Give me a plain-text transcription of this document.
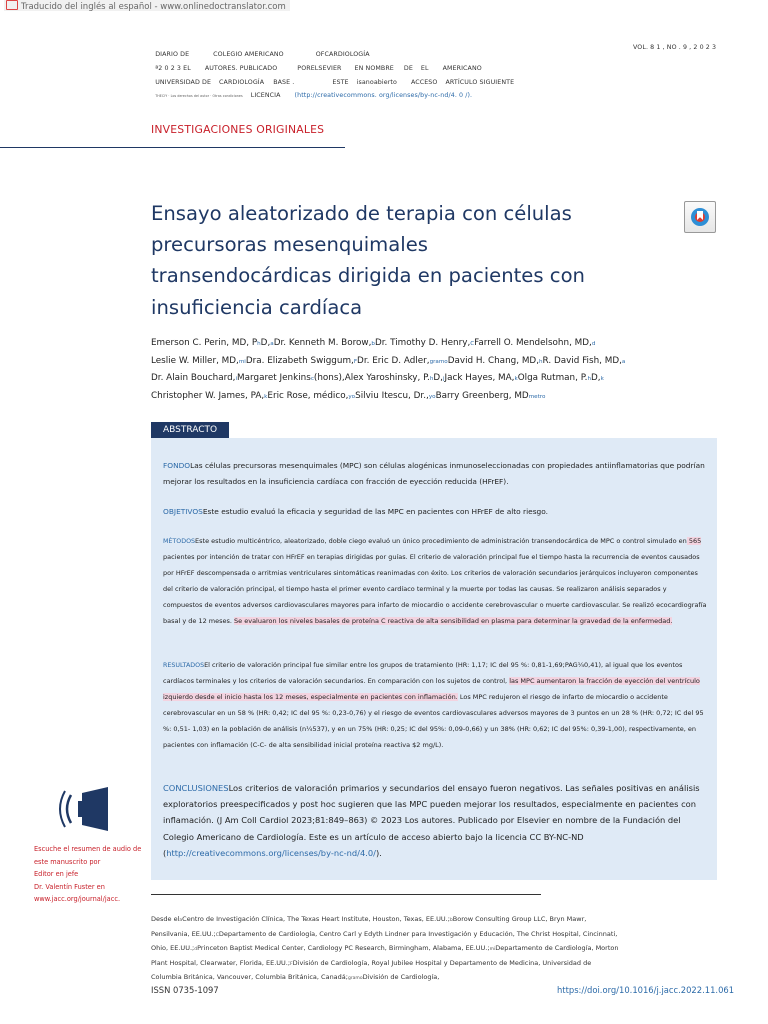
Traducido del inglés al español - www.onlinedoctranslator.com

DIARIO DE	COLEGIO AMERICANO	OFCARDIOLOGÍA

VOL. 8 1 , NO . 9 , 2 0 2 3

ª2 0 2 3 EL AUTORES. PUBLICADO	PORELSEVIER EN NOMBRE DE EL AMERICANO

UNIVERSIDAD DE CARDIOLOGÍA BASE .	ESTE isanoabierto ACCESO ARTÍCULO SIGUIENTE

THECIY · Los derechos del autor · Otras condiciones LICENCIA (http://creativecommons. org/licenses/by-nc-nd/4. 0 /).

INVESTIGACIONES ORIGINALES
Ensayo aleatorizado de terapia con células precursoras mesenquimales transendocárdicas dirigida en pacientes con insuficiencia cardíaca
Emerson C. Perin, MD, PhD,aDr. Kenneth M. Borow,bDr. Timothy D. Henry,CFarrell O. Mendelsohn, MD,d
Leslie W. Miller, MD,miDra. Elizabeth Swiggum,FDr. Eric D. Adler,gramoDavid H. Chang, MD,hR. David Fish, MD,a
Dr. Alain Bouchard,iMargaret Jenkinsc(hons),Alex Yaroshinsky, P.hD,jJack Hayes, MA,kOlga Rutman, P.hD,k
Christopher W. James, PA,kEric Rose, médico,yoSilviu Itescu, Dr.,yoBarry Greenberg, MDmetro
ABSTRACTO
FONDOLas células precursoras mesenquimales (MPC) son células alogénicas inmunoseleccionadas con propiedades antiinflamatorias que podrían mejorar los resultados en la insuficiencia cardíaca con fracción de eyección reducida (HFrEF).
OBJETIVOSEste estudio evaluó la eficacia y seguridad de las MPC en pacientes con HFrEF de alto riesgo.
MÉTODOSEste estudio multicéntrico, aleatorizado, doble ciego evaluó un único procedimiento de administración transendocárdica de MPC o control simulado en 565 pacientes por intención de tratar con HFrEF en terapias dirigidas por guías. El criterio de valoración principal fue el tiempo hasta la recurrencia de eventos causados por HFrEF descompensada o arritmias ventriculares sintomáticas reanimadas con éxito. Los criterios de valoración secundarios jerárquicos incluyeron componentes del criterio de valoración principal, el tiempo hasta el primer evento cardíaco terminal y la muerte por todas las causas. Se realizaron análisis separados y compuestos de eventos adversos cardiovasculares mayores para infarto de miocardio o accidente cerebrovascular o muerte cardiovascular. Se realizó ecocardiografía basal y de 12 meses. Se evaluaron los niveles basales de proteína C reactiva de alta sensibilidad en plasma para determinar la gravedad de la enfermedad.
RESULTADOSEl criterio de valoración principal fue similar entre los grupos de tratamiento (HR: 1,17; IC del 95 %: 0,81-1,69;PAG¼0,41), al igual que los eventos cardíacos terminales y los criterios de valoración secundarios. En comparación con los sujetos de control, las MPC aumentaron la fracción de eyección del ventrículo izquierdo desde el inicio hasta los 12 meses, especialmente en pacientes con inflamación. Los MPC redujeron el riesgo de infarto de miocardio o accidente cerebrovascular en un 58 % (HR: 0,42; IC del 95 %: 0,23-0,76) y el riesgo de eventos cardiovasculares adversos mayores de 3 puntos en un 28 % (HR: 0,72; IC del 95 %: 0,51- 1,03) en la población de análisis (n¼537), y en un 75% (HR: 0,25; IC del 95%: 0,09-0,66) y un 38% (HR: 0,62; IC del 95%: 0,39-1,00), respectivamente, en pacientes con inflamación (C-C- de alta sensibilidad inicial proteína reactiva $2 mg/L).
CONCLUSIONESLos criterios de valoración primarios y secundarios del ensayo fueron negativos. Las señales positivas en análisis exploratorios preespecificados y post hoc sugieren que las MPC pueden mejorar los resultados, especialmente en pacientes con inflamación. (J Am Coll Cardiol 2023;81:849–863) © 2023 Los autores. Publicado por Elsevier en nombre de la Fundación del Colegio Americano de Cardiología. Este es un artículo de acceso abierto bajo la licencia CC BY-NC-ND (http://creativecommons.org/licenses/by-nc-nd/4.0/).
Escuche el resumen de audio de
este manuscrito por
Editor en jefe
Dr. Valentín Fuster en
www.jacc.org/journal/jacc.
Desde elaCentro de Investigación Clínica, The Texas Heart Institute, Houston, Texas, EE.UU.;bBorow Consulting Group LLC, Bryn Mawr, Pensilvania, EE.UU.;CDepartamento de Cardiología, Centro Carl y Edyth Lindner para Investigación y Educación, The Christ Hospital, Cincinnati, Ohio, EE.UU.;dPrinceton Baptist Medical Center, Cardiology PC Research, Birmingham, Alabama, EE.UU.;miDepartamento de Cardiología, Morton Plant Hospital, Clearwater, Florida, EE.UU.;FDivisión de Cardiología, Royal Jubilee Hospital y Departamento de Medicina, Universidad de Columbia Británica, Vancouver, Columbia Británica, Canadá;gramoDivisión de Cardiología,
ISSN 0735-1097	https://doi.org/10.1016/j.jacc.2022.11.061
